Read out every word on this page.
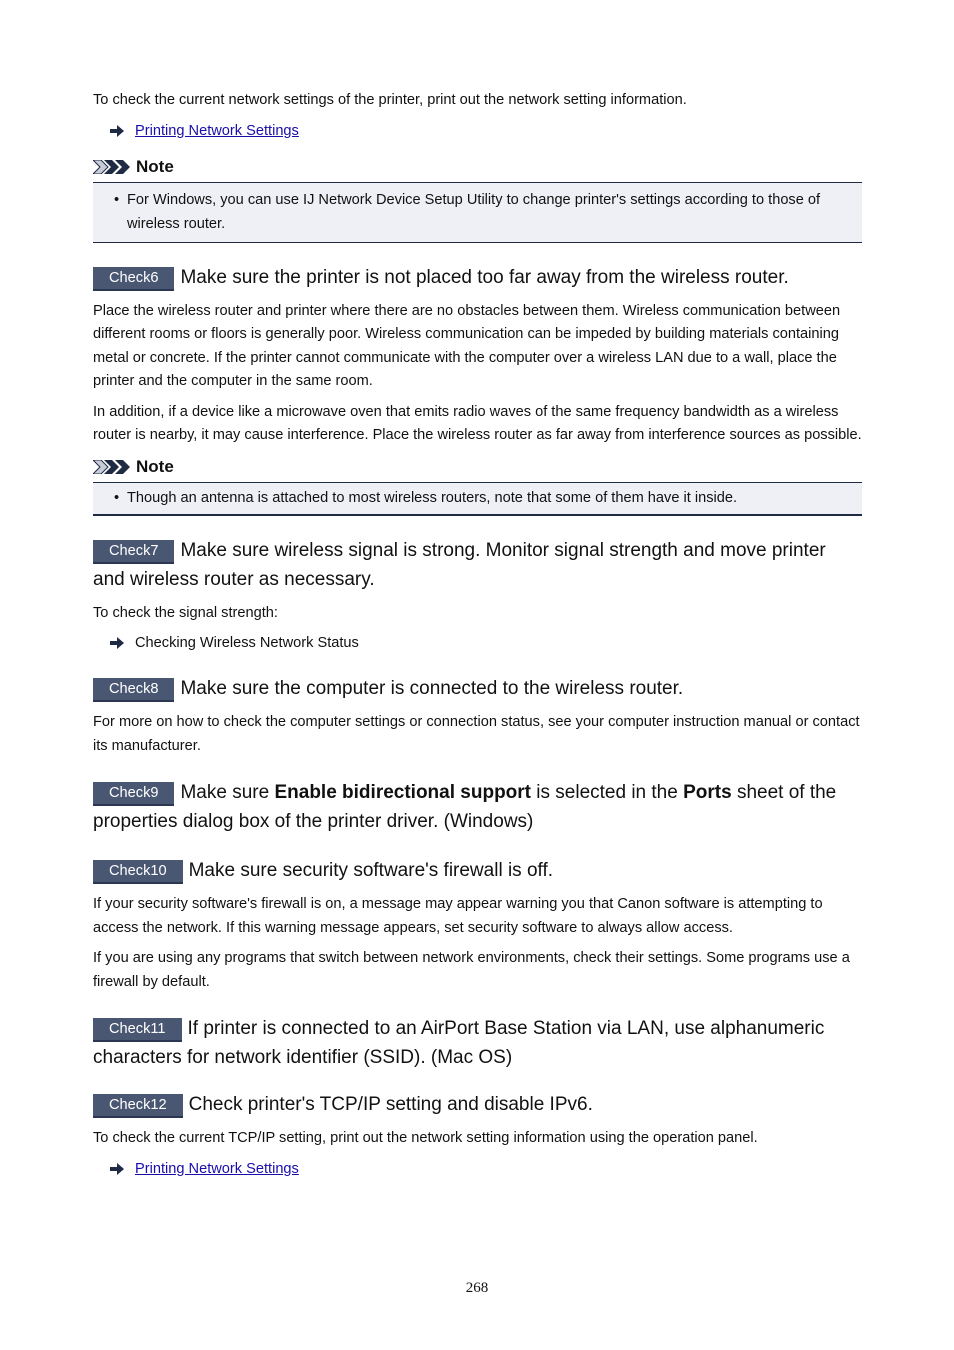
To check the current network settings of the printer, print out the network setting information.

Printing Network Settings
Note
• For Windows, you can use IJ Network Device Setup Utility to change printer's settings according to those of wireless router.
Check6 Make sure the printer is not placed too far away from the wireless router.

Place the wireless router and printer where there are no obstacles between them. Wireless communication between different rooms or floors is generally poor. Wireless communication can be impeded by building materials containing metal or concrete. If the printer cannot communicate with the computer over a wireless LAN due to a wall, place the printer and the computer in the same room.

In addition, if a device like a microwave oven that emits radio waves of the same frequency bandwidth as a wireless router is nearby, it may cause interference. Place the wireless router as far away from interference sources as possible.

Note
• Though an antenna is attached to most wireless routers, note that some of them have it inside.
Check7 Make sure wireless signal is strong. Monitor signal strength and move printer and wireless router as necessary.

To check the signal strength:

Checking Wireless Network Status
Check8 Make sure the computer is connected to the wireless router.

For more on how to check the computer settings or connection status, see your computer instruction manual or contact its manufacturer.

Check9 Make sure Enable bidirectional support is selected in the Ports sheet of the properties dialog box of the printer driver. (Windows)
Check10 Make sure security software's firewall is off.

If your security software's firewall is on, a message may appear warning you that Canon software is attempting to access the network. If this warning message appears, set security software to always allow access.

If you are using any programs that switch between network environments, check their settings. Some programs use a firewall by default.

Check11 If printer is connected to an AirPort Base Station via LAN, use alphanumeric characters for network identifier (SSID). (Mac OS)
Check12 Check printer's TCP/IP setting and disable IPv6.

To check the current TCP/IP setting, print out the network setting information using the operation panel.

Printing Network Settings
268
